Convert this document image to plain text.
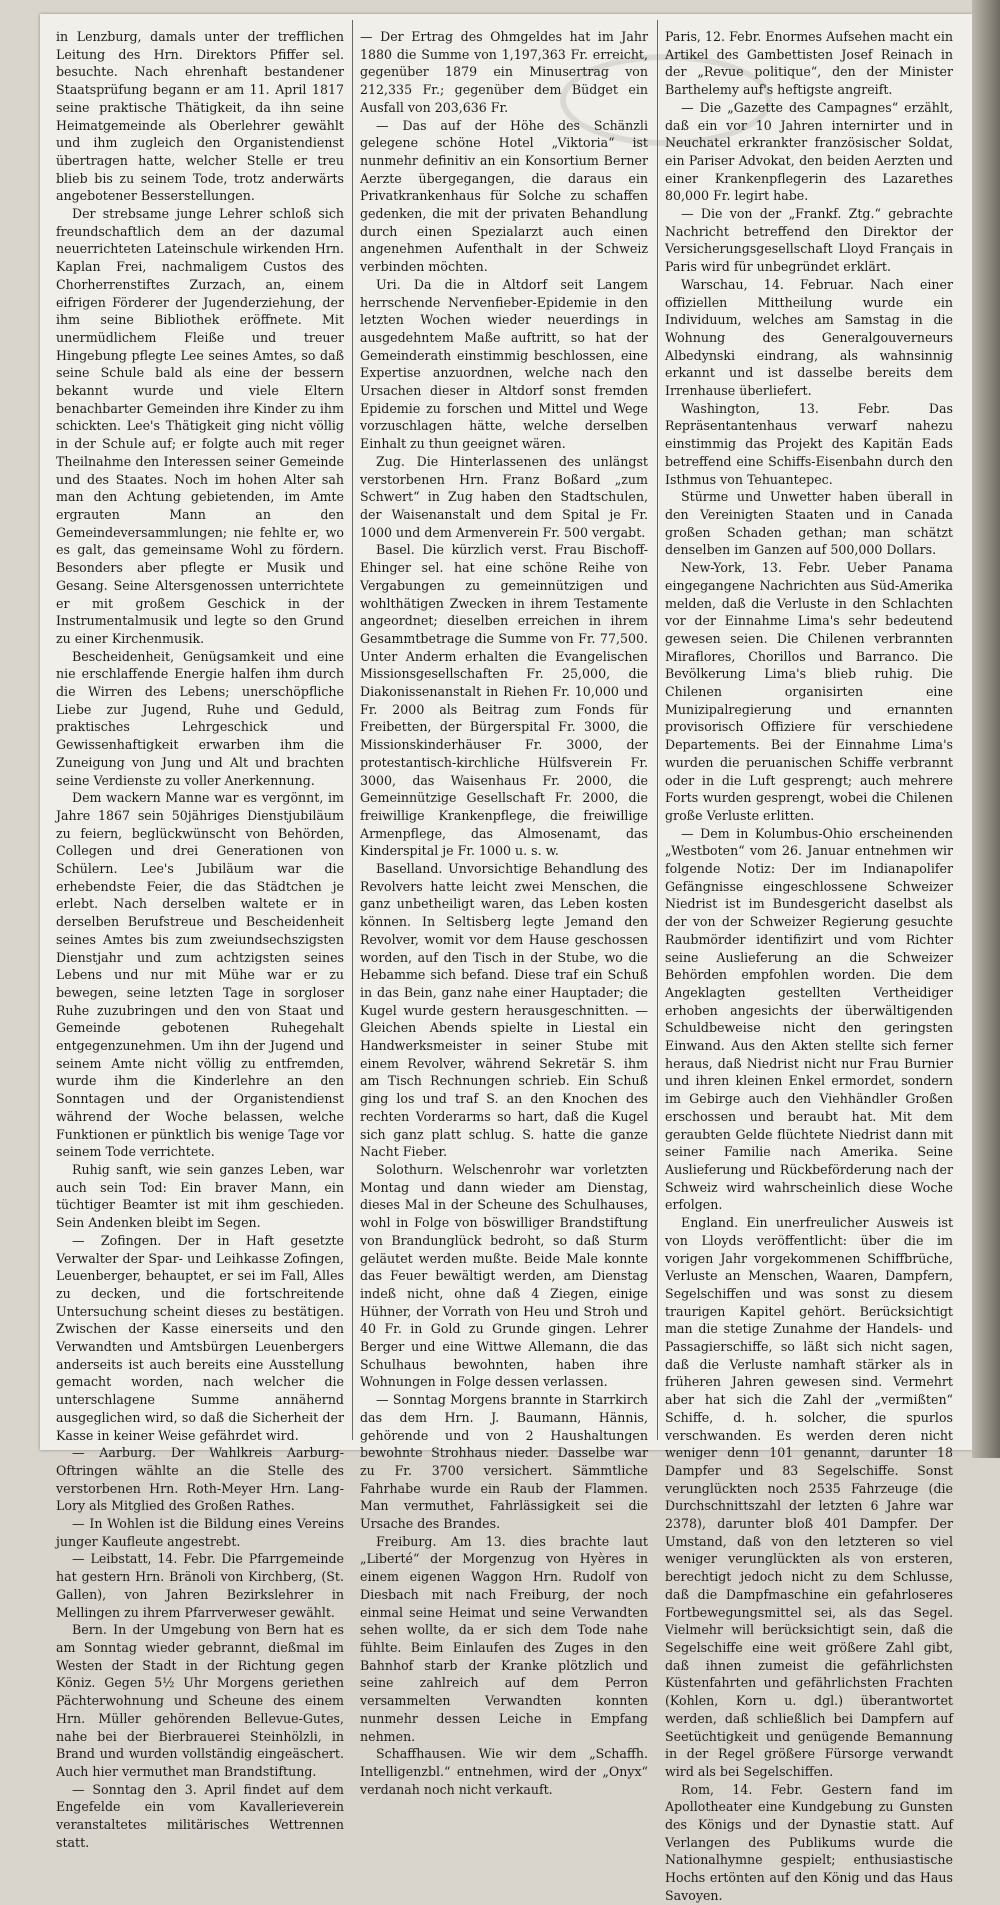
in Lenzburg, damals unter der trefflichen Leitung des Hrn. Direktors Pfiffer sel. besuchte. Nach ehrenhaft bestandener Staatsprüfung begann er am 11. April 1817 seine praktische Thätigkeit, da ihn seine Heimatgemeinde als Oberlehrer gewählt und ihm zugleich den Organistendienst übertragen hatte, welcher Stelle er treu blieb bis zu seinem Tode, trotz anderwärts angebotener Besserstellungen.

Der strebsame junge Lehrer schloß sich freundschaftlich dem an der dazumal neuerrichteten Lateinschule wirkenden Hrn. Kaplan Frei, nachmaligem Custos des Chorherrenstiftes Zurzach, an, einem eifrigen Förderer der Jugenderziehung, der ihm seine Bibliothek eröffnete. Mit unermüdlichem Fleiße und treuer Hingebung pflegte Lee seines Amtes, so daß seine Schule bald als eine der bessern bekannt wurde und viele Eltern benachbarter Gemeinden ihre Kinder zu ihm schickten. Lee's Thätigkeit ging nicht völlig in der Schule auf; er folgte auch mit reger Theilnahme den Interessen seiner Gemeinde und des Staates. Noch im hohen Alter sah man den Achtung gebietenden, im Amte ergrauten Mann an den Gemeindeversammlungen; nie fehlte er, wo es galt, das gemeinsame Wohl zu fördern. Besonders aber pflegte er Musik und Gesang. Seine Altersgenossen unterrichtete er mit großem Geschick in der Instrumentalmusik und legte so den Grund zu einer Kirchenmusik.

Bescheidenheit, Genügsamkeit und eine nie erschlaffende Energie halfen ihm durch die Wirren des Lebens; unerschöpfliche Liebe zur Jugend, Ruhe und Geduld, praktisches Lehrgeschick und Gewissenhaftigkeit erwarben ihm die Zuneigung von Jung und Alt und brachten seine Verdienste zu voller Anerkennung.

Dem wackern Manne war es vergönnt, im Jahre 1867 sein 50jähriges Dienstjubiläum zu feiern, beglückwünscht von Behörden, Collegen und drei Generationen von Schülern. Lee's Jubiläum war die erhebendste Feier, die das Städtchen je erlebt. Nach derselben waltete er in derselben Berufstreue und Bescheidenheit seines Amtes bis zum zweiundsechszigsten Dienstjahr und zum achtzigsten seines Lebens und nur mit Mühe war er zu bewegen, seine letzten Tage in sorgloser Ruhe zuzubringen und den von Staat und Gemeinde gebotenen Ruhegehalt entgegenzunehmen. Um ihn der Jugend und seinem Amte nicht völlig zu entfremden, wurde ihm die Kinderlehre an den Sonntagen und der Organistendienst während der Woche belassen, welche Funktionen er pünktlich bis wenige Tage vor seinem Tode verrichtete.

Ruhig sanft, wie sein ganzes Leben, war auch sein Tod: Ein braver Mann, ein tüchtiger Beamter ist mit ihm geschieden. Sein Andenken bleibt im Segen.

— Zofingen. Der in Haft gesetzte Verwalter der Spar- und Leihkasse Zofingen, Leuenberger, behauptet, er sei im Fall, Alles zu decken, und die fortschreitende Untersuchung scheint dieses zu bestätigen. Zwischen der Kasse einerseits und den Verwandten und Amtsbürgen Leuenbergers anderseits ist auch bereits eine Ausstellung gemacht worden, nach welcher die unterschlagene Summe annähernd ausgeglichen wird, so daß die Sicherheit der Kasse in keiner Weise gefährdet wird.

— Aarburg. Der Wahlkreis Aarburg-Oftringen wählte an die Stelle des verstorbenen Hrn. Roth-Meyer Hrn. Lang-Lory als Mitglied des Großen Rathes.

— In Wohlen ist die Bildung eines Vereins junger Kaufleute angestrebt.

— Leibstatt, 14. Febr. Die Pfarrgemeinde hat gestern Hrn. Bränoli von Kirchberg, (St. Gallen), von Jahren Bezirkslehrer in Mellingen zu ihrem Pfarrverweser gewählt.

Bern. In der Umgebung von Bern hat es am Sonntag wieder gebrannt, dießmal im Westen der Stadt in der Richtung gegen Köniz. Gegen 5½ Uhr Morgens geriethen Pächterwohnung und Scheune des einem Hrn. Müller gehörenden Bellevue-Gutes, nahe bei der Bierbrauerei Steinhölzli, in Brand und wurden vollständig eingeäschert. Auch hier vermuthet man Brandstiftung.

— Sonntag den 3. April findet auf dem Engefelde ein vom Kavallerieverein veranstaltetes militärisches Wettrennen statt.

— Der Ertrag des Ohmgeldes hat im Jahr 1880 die Summe von 1,197,363 Fr. erreicht, gegenüber 1879 ein Minusertrag von 212,335 Fr.; gegenüber dem Büdget ein Ausfall von 203,636 Fr.

— Das auf der Höhe des Schänzli gelegene schöne Hotel „Viktoria“ ist nunmehr definitiv an ein Konsortium Berner Aerzte übergegangen, die daraus ein Privatkrankenhaus für Solche zu schaffen gedenken, die mit der privaten Behandlung durch einen Spezialarzt auch einen angenehmen Aufenthalt in der Schweiz verbinden möchten.

Uri. Da die in Altdorf seit Langem herrschende Nervenfieber-Epidemie in den letzten Wochen wieder neuerdings in ausgedehntem Maße auftritt, so hat der Gemeinderath einstimmig beschlossen, eine Expertise anzuordnen, welche nach den Ursachen dieser in Altdorf sonst fremden Epidemie zu forschen und Mittel und Wege vorzuschlagen hätte, welche derselben Einhalt zu thun geeignet wären.

Zug. Die Hinterlassenen des unlängst verstorbenen Hrn. Franz Boßard „zum Schwert“ in Zug haben den Stadtschulen, der Waisenanstalt und dem Spital je Fr. 1000 und dem Armenverein Fr. 500 vergabt.

Basel. Die kürzlich verst. Frau Bischoff-Ehinger sel. hat eine schöne Reihe von Vergabungen zu gemeinnützigen und wohlthätigen Zwecken in ihrem Testamente angeordnet; dieselben erreichen in ihrem Gesammtbetrage die Summe von Fr. 77,500. Unter Anderm erhalten die Evangelischen Missionsgesellschaften Fr. 25,000, die Diakonissenanstalt in Riehen Fr. 10,000 und Fr. 2000 als Beitrag zum Fonds für Freibetten, der Bürgerspital Fr. 3000, die Missionskinderhäuser Fr. 3000, der protestantisch-kirchliche Hülfsverein Fr. 3000, das Waisenhaus Fr. 2000, die Gemeinnützige Gesellschaft Fr. 2000, die freiwillige Krankenpflege, die freiwillige Armenpflege, das Almosenamt, das Kinderspital je Fr. 1000 u. s. w.

Baselland. Unvorsichtige Behandlung des Revolvers hatte leicht zwei Menschen, die ganz unbetheiligt waren, das Leben kosten können. In Seltisberg legte Jemand den Revolver, womit vor dem Hause geschossen worden, auf den Tisch in der Stube, wo die Hebamme sich befand. Diese traf ein Schuß in das Bein, ganz nahe einer Hauptader; die Kugel wurde gestern herausgeschnitten. — Gleichen Abends spielte in Liestal ein Handwerksmeister in seiner Stube mit einem Revolver, während Sekretär S. ihm am Tisch Rechnungen schrieb. Ein Schuß ging los und traf S. an den Knochen des rechten Vorderarms so hart, daß die Kugel sich ganz platt schlug. S. hatte die ganze Nacht Fieber.

Solothurn. Welschenrohr war vorletzten Montag und dann wieder am Dienstag, dieses Mal in der Scheune des Schulhauses, wohl in Folge von böswilliger Brandstiftung von Brandunglück bedroht, so daß Sturm geläutet werden mußte. Beide Male konnte das Feuer bewältigt werden, am Dienstag indeß nicht, ohne daß 4 Ziegen, einige Hühner, der Vorrath von Heu und Stroh und 40 Fr. in Gold zu Grunde gingen. Lehrer Berger und eine Wittwe Allemann, die das Schulhaus bewohnten, haben ihre Wohnungen in Folge dessen verlassen.

— Sonntag Morgens brannte in Starrkirch das dem Hrn. J. Baumann, Hännis, gehörende und von 2 Haushaltungen bewohnte Strohhaus nieder. Dasselbe war zu Fr. 3700 versichert. Sämmtliche Fahrhabe wurde ein Raub der Flammen. Man vermuthet, Fahrlässigkeit sei die Ursache des Brandes.

Freiburg. Am 13. dies brachte laut „Liberté“ der Morgenzug von Hyères in einem eigenen Waggon Hrn. Rudolf von Diesbach mit nach Freiburg, der noch einmal seine Heimat und seine Verwandten sehen wollte, da er sich dem Tode nahe fühlte. Beim Einlaufen des Zuges in den Bahnhof starb der Kranke plötzlich und seine zahlreich auf dem Perron versammelten Verwandten konnten nunmehr dessen Leiche in Empfang nehmen.

Schaffhausen. Wie wir dem „Schaffh. Intelligenzbl.“ entnehmen, wird der „Onyx“ verdanah noch nicht verkauft.

Paris, 12. Febr. Enormes Aufsehen macht ein Artikel des Gambettisten Josef Reinach in der „Revue politique“, den der Minister Barthelemy auf's heftigste angreift.

— Die „Gazette des Campagnes“ erzählt, daß ein vor 10 Jahren internirter und in Neuchatel erkrankter französischer Soldat, ein Pariser Advokat, den beiden Aerzten und einer Krankenpflegerin des Lazarethes 80,000 Fr. legirt habe.

— Die von der „Frankf. Ztg.“ gebrachte Nachricht betreffend den Direktor der Versicherungsgesellschaft Lloyd Français in Paris wird für unbegründet erklärt.

Warschau, 14. Februar. Nach einer offiziellen Mittheilung wurde ein Individuum, welches am Samstag in die Wohnung des Generalgouverneurs Albedynski eindrang, als wahnsinnig erkannt und ist dasselbe bereits dem Irrenhause überliefert.

Washington, 13. Febr. Das Repräsentantenhaus verwarf nahezu einstimmig das Projekt des Kapitän Eads betreffend eine Schiffs-Eisenbahn durch den Isthmus von Tehuantepec.

Stürme und Unwetter haben überall in den Vereinigten Staaten und in Canada großen Schaden gethan; man schätzt denselben im Ganzen auf 500,000 Dollars.

New-York, 13. Febr. Ueber Panama eingegangene Nachrichten aus Süd-Amerika melden, daß die Verluste in den Schlachten vor der Einnahme Lima's sehr bedeutend gewesen seien. Die Chilenen verbrannten Miraflores, Chorillos und Barranco. Die Bevölkerung Lima's blieb ruhig. Die Chilenen organisirten eine Munizipalregierung und ernannten provisorisch Offiziere für verschiedene Departements. Bei der Einnahme Lima's wurden die peruanischen Schiffe verbrannt oder in die Luft gesprengt; auch mehrere Forts wurden gesprengt, wobei die Chilenen große Verluste erlitten.

— Dem in Kolumbus-Ohio erscheinenden „Westboten“ vom 26. Januar entnehmen wir folgende Notiz: Der im Indianapolifer Gefängnisse eingeschlossene Schweizer Niedrist ist im Bundesgericht daselbst als der von der Schweizer Regierung gesuchte Raubmörder identifizirt und vom Richter seine Auslieferung an die Schweizer Behörden empfohlen worden. Die dem Angeklagten gestellten Vertheidiger erhoben angesichts der überwältigenden Schuldbeweise nicht den geringsten Einwand. Aus den Akten stellte sich ferner heraus, daß Niedrist nicht nur Frau Burnier und ihren kleinen Enkel ermordet, sondern im Gebirge auch den Viehhändler Großen erschossen und beraubt hat. Mit dem geraubten Gelde flüchtete Niedrist dann mit seiner Familie nach Amerika. Seine Auslieferung und Rückbeförderung nach der Schweiz wird wahrscheinlich diese Woche erfolgen.

England. Ein unerfreulicher Ausweis ist von Lloyds veröffentlicht: über die im vorigen Jahr vorgekommenen Schiffbrüche, Verluste an Menschen, Waaren, Dampfern, Segelschiffen und was sonst zu diesem traurigen Kapitel gehört. Berücksichtigt man die stetige Zunahme der Handels- und Passagierschiffe, so läßt sich nicht sagen, daß die Verluste namhaft stärker als in früheren Jahren gewesen sind. Vermehrt aber hat sich die Zahl der „vermißten“ Schiffe, d. h. solcher, die spurlos verschwanden. Es werden deren nicht weniger denn 101 genannt, darunter 18 Dampfer und 83 Segelschiffe. Sonst verunglückten noch 2535 Fahrzeuge (die Durchschnittszahl der letzten 6 Jahre war 2378), darunter bloß 401 Dampfer. Der Umstand, daß von den letzteren so viel weniger verunglückten als von ersteren, berechtigt jedoch nicht zu dem Schlusse, daß die Dampfmaschine ein gefahrloseres Fortbewegungsmittel sei, als das Segel. Vielmehr will berücksichtigt sein, daß die Segelschiffe eine weit größere Zahl gibt, daß ihnen zumeist die gefährlichsten Küstenfahrten und gefährlichsten Frachten (Kohlen, Korn u. dgl.) überantwortet werden, daß schließlich bei Dampfern auf Seetüchtigkeit und genügende Bemannung in der Regel größere Fürsorge verwandt wird als bei Segelschiffen.

Rom, 14. Febr. Gestern fand im Apollotheater eine Kundgebung zu Gunsten des Königs und der Dynastie statt. Auf Verlangen des Publikums wurde die Nationalhymne gespielt; enthusiastische Hochs ertönten auf den König und das Haus Savoyen.
